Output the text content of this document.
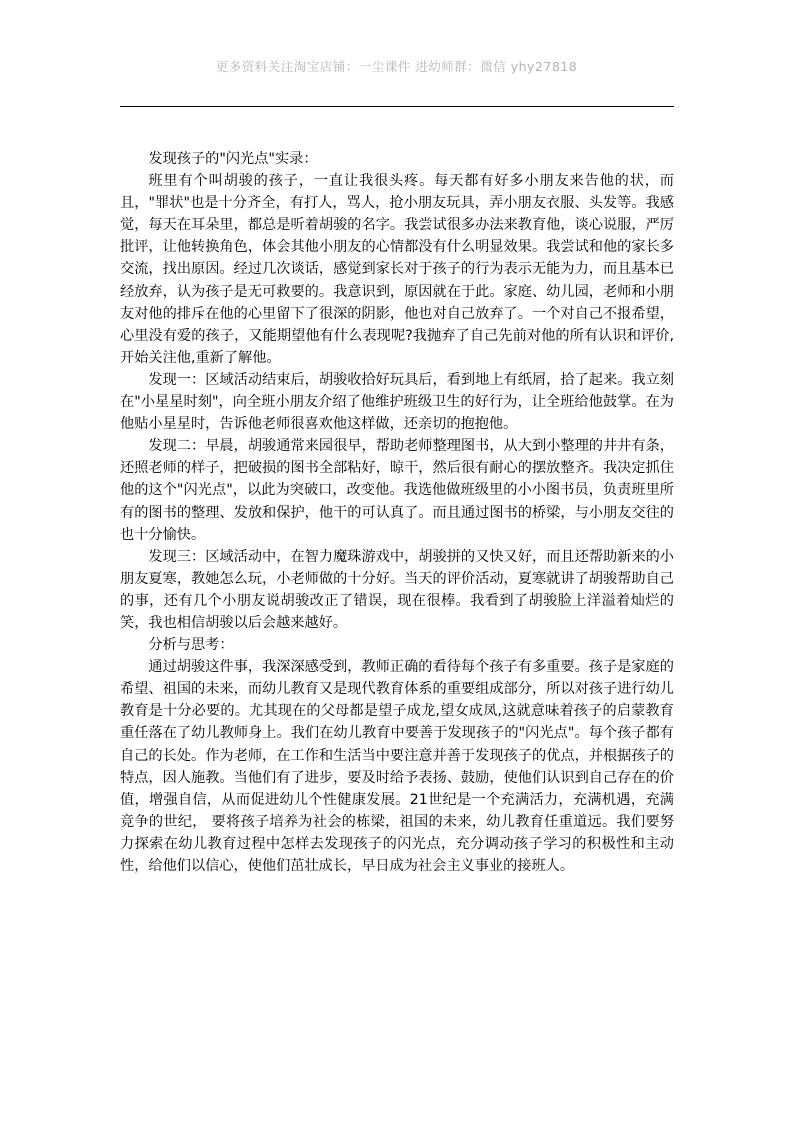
更多资料关注淘宝店铺：一尘课件 进幼师群：微信 yhy27818

发现孩子的"闪光点"实录：

班里有个叫胡骏的孩子，一直让我很头疼。每天都有好多小朋友来告他的状，而且，"罪状"也是十分齐全，有打人，骂人，抢小朋友玩具，弄小朋友衣服、头发等。我感觉，每天在耳朵里，都总是听着胡骏的名字。我尝试很多办法来教育他，谈心说服，严厉批评，让他转换角色，体会其他小朋友的心情都没有什么明显效果。我尝试和他的家长多交流，找出原因。经过几次谈话，感觉到家长对于孩子的行为表示无能为力，而且基本已经放弃，认为孩子是无可救要的。我意识到，原因就在于此。家庭、幼儿园，老师和小朋友对他的排斥在他的心里留下了很深的阴影，他也对自己放弃了。一个对自己不报希望，心里没有爱的孩子，又能期望他有什么表现呢?我抛弃了自己先前对他的所有认识和评价,开始关注他,重新了解他。

发现一：区域活动结束后，胡骏收拾好玩具后，看到地上有纸屑，拾了起来。我立刻在"小星星时刻"，向全班小朋友介绍了他维护班级卫生的好行为，让全班给他鼓掌。在为他贴小星星时，告诉他老师很喜欢他这样做，还亲切的抱抱他。

发现二：早晨，胡骏通常来园很早，帮助老师整理图书，从大到小整理的井井有条，还照老师的样子，把破损的图书全部粘好，晾干，然后很有耐心的摆放整齐。我决定抓住他的这个"闪光点"，以此为突破口，改变他。我选他做班级里的小小图书员，负责班里所有的图书的整理、发放和保护，他干的可认真了。而且通过图书的桥梁，与小朋友交往的也十分愉快。

发现三：区域活动中，在智力魔珠游戏中，胡骏拼的又快又好，而且还帮助新来的小朋友夏寒，教她怎么玩，小老师做的十分好。当天的评价活动，夏寒就讲了胡骏帮助自己的事，还有几个小朋友说胡骏改正了错误，现在很棒。我看到了胡骏脸上洋溢着灿烂的笑，我也相信胡骏以后会越来越好。

分析与思考：

通过胡骏这件事，我深深感受到，教师正确的看待每个孩子有多重要。孩子是家庭的希望、祖国的未来，而幼儿教育又是现代教育体系的重要组成部分，所以对孩子进行幼儿教育是十分必要的。尤其现在的父母都是望子成龙,望女成凤,这就意味着孩子的启蒙教育重任落在了幼儿教师身上。我们在幼儿教育中要善于发现孩子的"闪光点"。每个孩子都有自己的长处。作为老师，在工作和生活当中要注意并善于发现孩子的优点，并根据孩子的特点，因人施教。当他们有了进步，要及时给予表扬、鼓励，使他们认识到自己存在的价值，增强自信，从而促进幼儿个性健康发展。21世纪是一个充满活力，充满机遇，充满竞争的世纪， 要将孩子培养为社会的栋梁，祖国的未来，幼儿教育任重道远。我们要努力探索在幼儿教育过程中怎样去发现孩子的闪光点，充分调动孩子学习的积极性和主动性，给他们以信心，使他们茁壮成长，早日成为社会主义事业的接班人。
